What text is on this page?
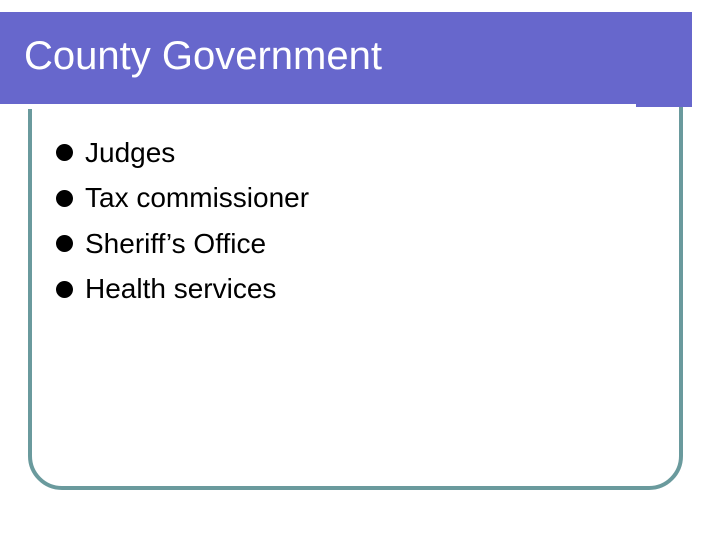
County Government
Judges
Tax commissioner
Sheriff’s Office
Health services
